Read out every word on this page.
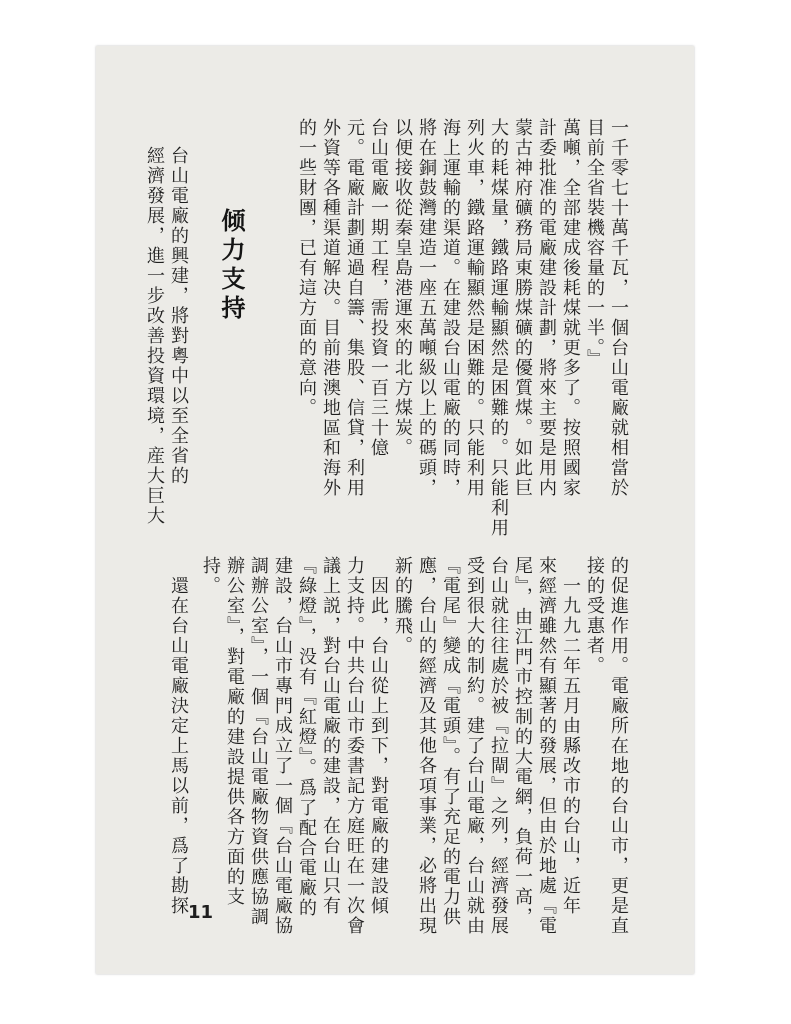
一千零七十萬千瓦，一個台山電廠就相當於
目前全省裝機容量的一半。』
萬噸，全部建成後耗煤就更多了。按照國家
計委批准的電廠建設計劃，將來主要是用内
蒙古神府礦務局東勝煤礦的優質煤。如此巨
大的耗煤量，鐵路運輸顯然是困難的。只能利用
列火車，鐵路運輸顯然是困難的。只能利用
海上運輸的渠道。在建設台山電廠的同時，
將在銅鼓灣建造一座五萬噸級以上的碼頭，
以便接收從秦皇島港運來的北方煤炭。
台山電廠一期工程，需投資一百三十億
元。電廠計劃通過自籌、集股、信貸，利用
外資等各種渠道解决。目前港澳地區和海外
的一些財團，已有這方面的意向。
倾力支持
台山電廠的興建，將對粵中以至全省的
經濟發展，進一步改善投資環境，産大巨大
的促進作用。電廠所在地的台山市，更是直
接的受惠者。
一九九二年五月由縣改市的台山，近年
來經濟雖然有顯著的發展，但由於地處『電
尾』，由江門市控制的大電網，負荷一高，
台山就往往處於被『拉閘』之列，經濟發展
受到很大的制約。建了台山電廠，台山就由
『電尾』變成『電頭』。有了充足的電力供
應，台山的經濟及其他各項事業，必將出現
新的騰飛。
因此，台山從上到下，對電廠的建設傾
力支持。中共台山市委書記方庭旺在一次會
議上説，對台山電廠的建設，在台山只有
『綠燈』，没有『紅燈』。爲了配合電廠的
建設，台山市專門成立了一個『台山電廠協
調辦公室』，一個『台山電廠物資供應協調
辦公室』，對電廠的建設提供各方面的支
持。
還在台山電廠決定上馬以前，爲了勘探 11
